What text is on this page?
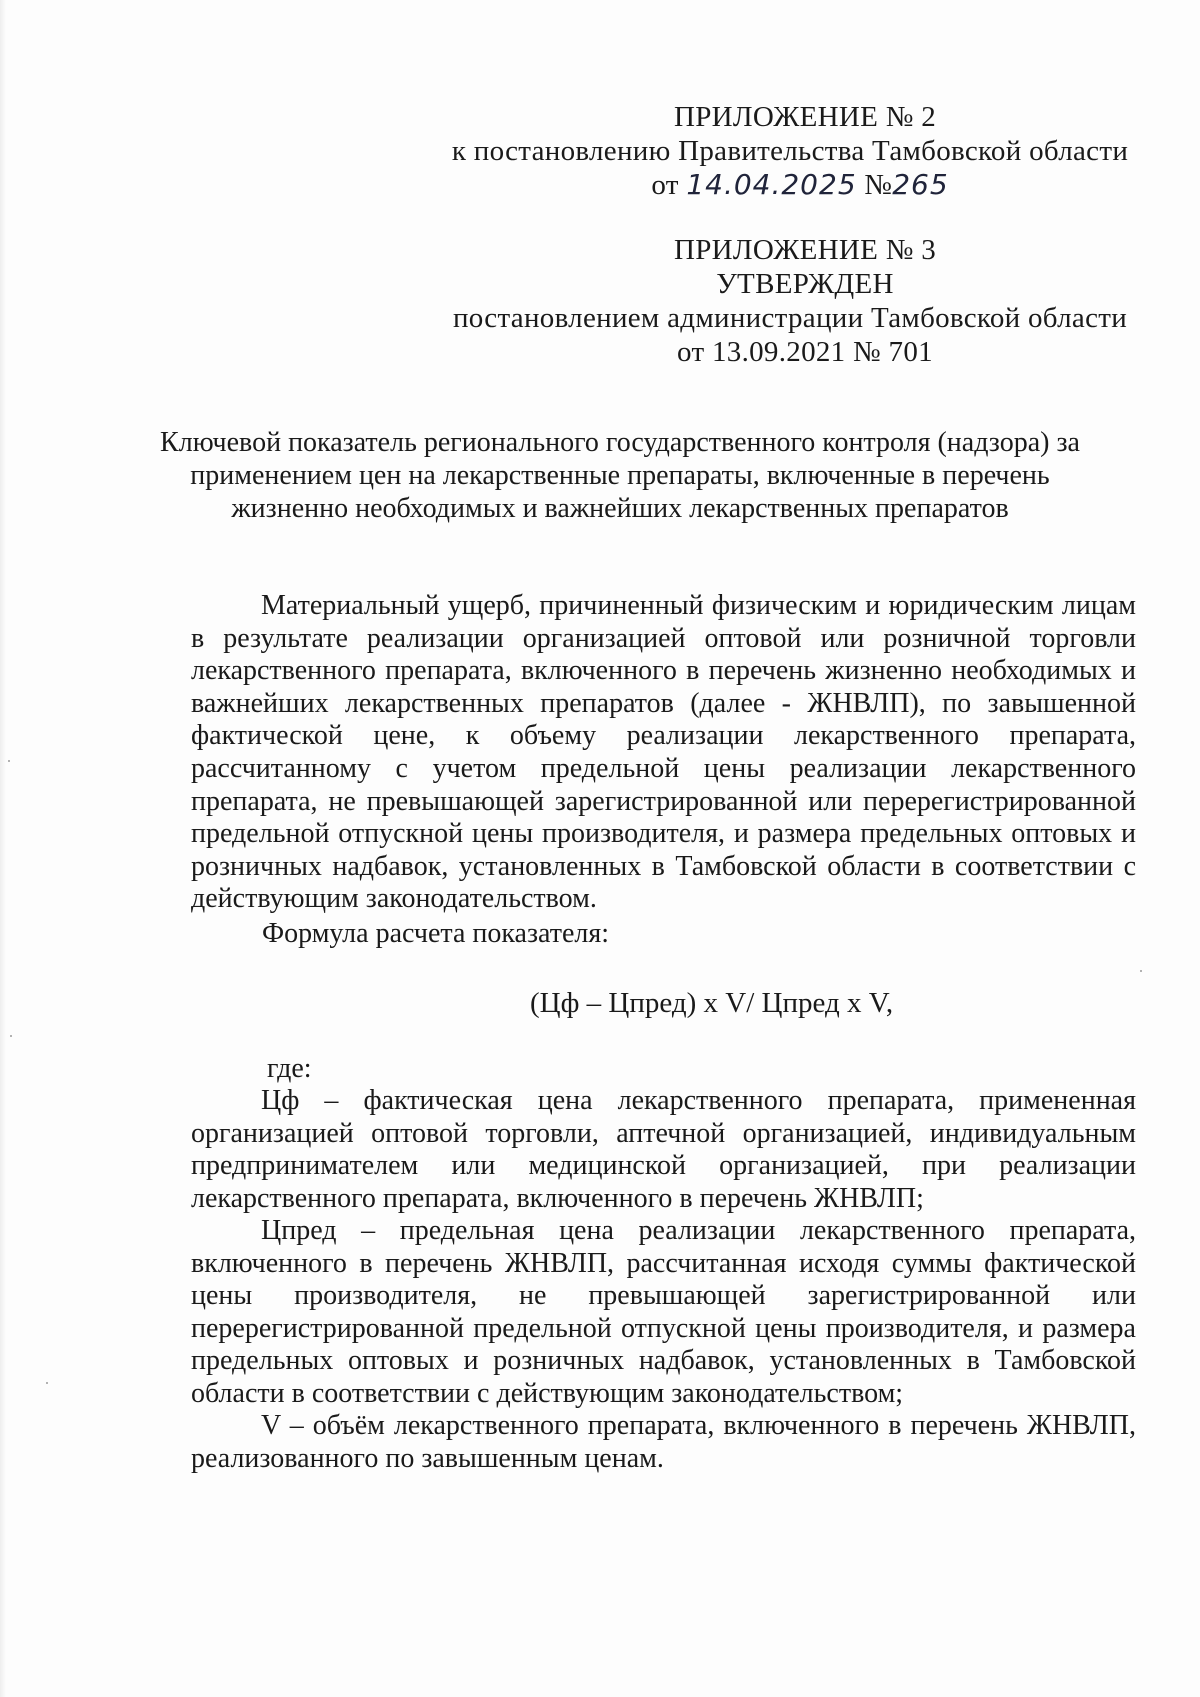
ПРИЛОЖЕНИЕ № 2
к постановлению Правительства Тамбовской области
от 14.04.2025 №265
ПРИЛОЖЕНИЕ № 3
УТВЕРЖДЕН
постановлением администрации Тамбовской области
от 13.09.2021 № 701
Ключевой показатель регионального государственного контроля (надзора) за
применением цен на лекарственные препараты, включенные в перечень
жизненно необходимых и важнейших лекарственных препаратов
Материальный ущерб, причиненный физическим и юридическим лицам в результате реализации организацией оптовой или розничной торговли лекарственного препарата, включенного в перечень жизненно необходимых и важнейших лекарственных препаратов (далее - ЖНВЛП), по завышенной фактической цене, к объему реализации лекарственного препарата, рассчитанному с учетом предельной цены реализации лекарственного препарата, не превышающей зарегистрированной или перерегистрированной предельной отпускной цены производителя, и размера предельных оптовых и розничных надбавок, установленных в Тамбовской области в соответствии с действующим законодательством.
Формула расчета показателя:
(Цф – Цпред) х V/ Цпред х V,
где:
Цф – фактическая цена лекарственного препарата, примененная организацией оптовой торговли, аптечной организацией, индивидуальным предпринимателем или медицинской организацией, при реализации лекарственного препарата, включенного в перечень ЖНВЛП;
Цпред – предельная цена реализации лекарственного препарата, включенного в перечень ЖНВЛП, рассчитанная исходя суммы фактической цены производителя, не превышающей зарегистрированной или перерегистрированной предельной отпускной цены производителя, и размера предельных оптовых и розничных надбавок, установленных в Тамбовской области в соответствии с действующим законодательством;
V – объём лекарственного препарата, включенного в перечень ЖНВЛП, реализованного по завышенным ценам.
